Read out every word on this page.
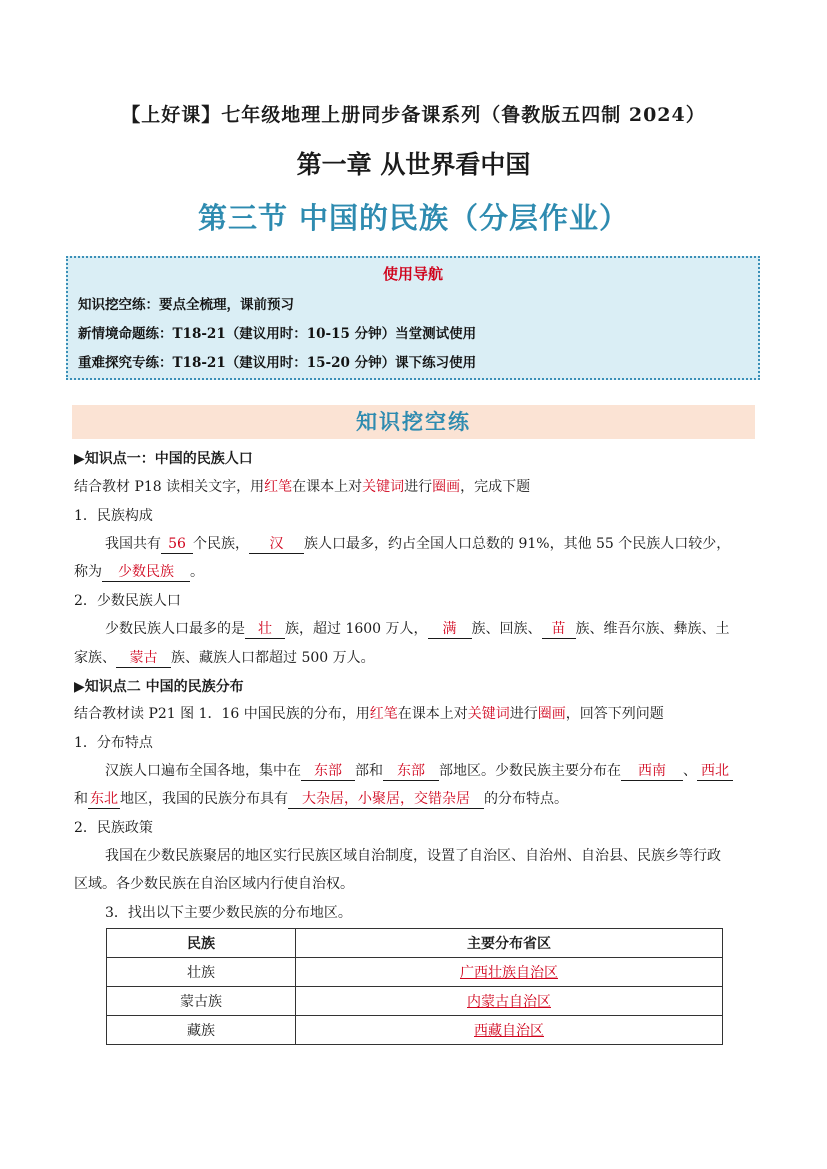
【上好课】七年级地理上册同步备课系列（鲁教版五四制 2024）
第一章 从世界看中国
第三节 中国的民族（分层作业）
使用导航
知识挖空练：要点全梳理，课前预习
新情境命题练：T18-21（建议用时：10-15 分钟）当堂测试使用
重难探究专练：T18-21（建议用时：15-20 分钟）课下练习使用
知识挖空练
▶知识点一：中国的民族人口
结合教材 P18 读相关文字，用红笔在课本上对关键词进行圈画，完成下题
1．民族构成
我国共有 56 个民族， 汉 族人口最多，约占全国人口总数的 91%，其他 55 个民族人口较少，
称为 少数民族 。
2．少数民族人口
少数民族人口最多的是 壮 族，超过 1600 万人， 满 族、回族、 苗 族、维吾尔族、彝族、土
家族、 蒙古 族、藏族人口都超过 500 万人。
▶知识点二 中国的民族分布
结合教材读 P21 图 1．16 中国民族的分布，用红笔在课本上对关键词进行圈画，回答下列问题
1．分布特点
汉族人口遍布全国各地，集中在 东部 部和 东部 部地区。少数民族主要分布在 西南 、 西北
和 东北 地区，我国的民族分布具有 大杂居，小聚居，交错杂居 的分布特点。
2．民族政策
我国在少数民族聚居的地区实行民族区域自治制度，设置了自治区、自治州、自治县、民族乡等行政
区域。各少数民族在自治区域内行使自治权。
3．找出以下主要少数民族的分布地区。
民族	主要分布省区
壮族	广西壮族自治区
蒙古族	内蒙古自治区
藏族	西藏自治区
